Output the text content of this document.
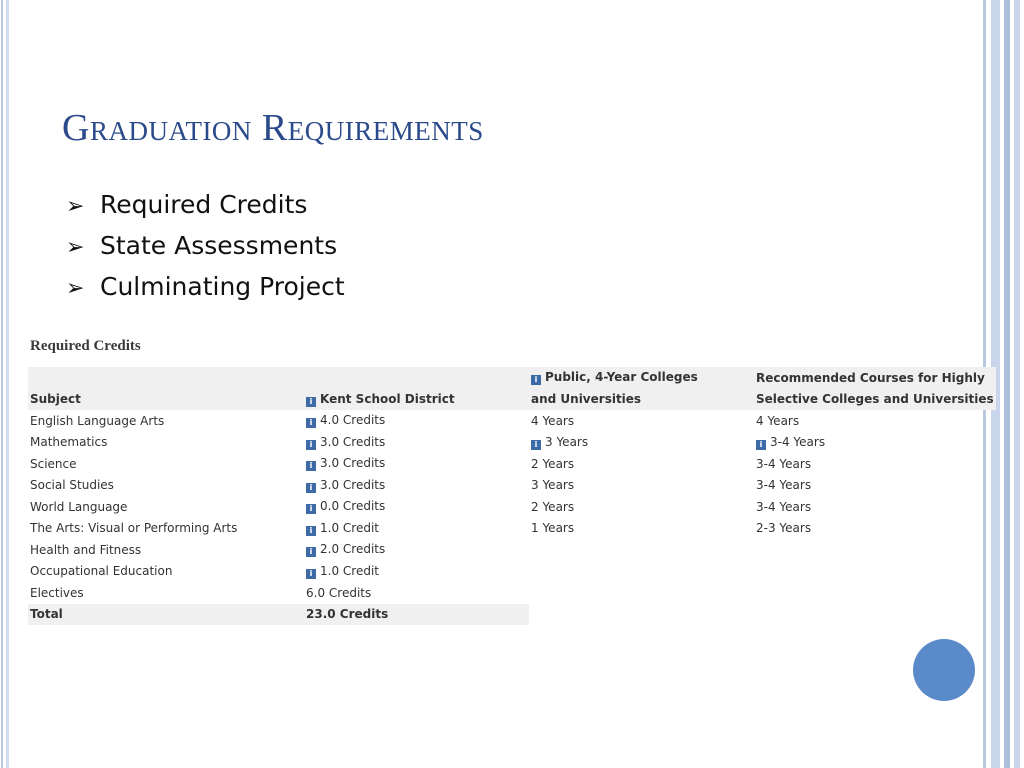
Graduation Requirements
➢ Required Credits
➢ State Assessments
➢ Culminating Project
Required Credits
		i Public, 4-Year Colleges	Recommended Courses for Highly
Subject	i Kent School District	and Universities	Selective Colleges and Universities
English Language Arts	i 4.0 Credits	4 Years	4 Years
Mathematics	i 3.0 Credits	i 3 Years	i 3-4 Years
Science	i 3.0 Credits	2 Years	3-4 Years
Social Studies	i 3.0 Credits	3 Years	3-4 Years
World Language	i 0.0 Credits	2 Years	3-4 Years
The Arts: Visual or Performing Arts	i 1.0 Credit	1 Years	2-3 Years
Health and Fitness	i 2.0 Credits		
Occupational Education	i 1.0 Credit		
Electives	6.0 Credits		
Total	23.0 Credits		
